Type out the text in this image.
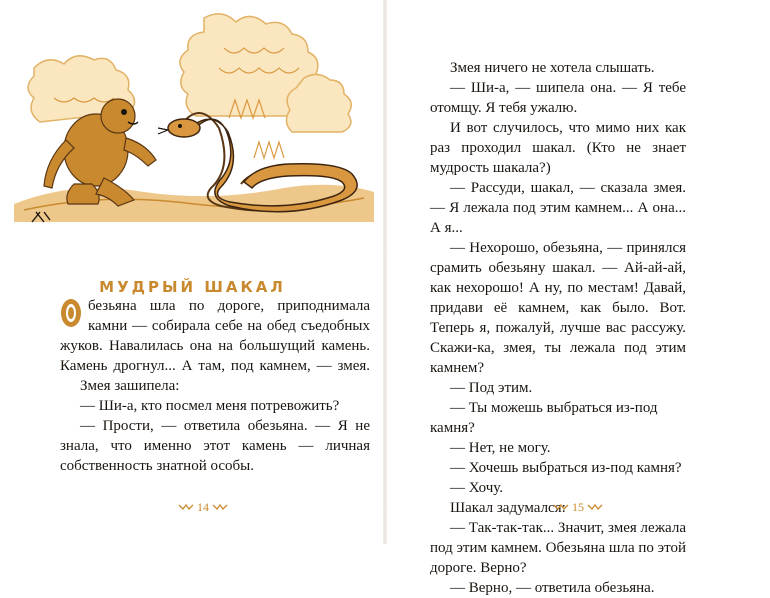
МУДРЫЙ ШАКАЛ

безьяна шла по дороге, приподнимала камни — собирала себе на обед съедобных жуков. Навалилась она на большущий камень. Камень дрогнул... А там, под камнем, — змея.

Змея зашипела:

— Ши-а, кто посмел меня потревожить?

— Прости, — ответила обезьяна. — Я не знала, что именно этот камень — личная собственность знатной особы.

14

Змея ничего не хотела слышать.

— Ши-а, — шипела она. — Я тебе отомщу. Я тебя ужалю.

И вот случилось, что мимо них как раз проходил шакал. (Кто не знает мудрость шакала?)

— Рассуди, шакал, — сказала змея. — Я лежала под этим камнем... А она... А я...

— Нехорошо, обезьяна, — принялся срамить обезьяну шакал. — Ай-ай-ай, как нехорошо! А ну, по местам! Давай, придави её камнем, как было. Вот. Теперь я, пожалуй, лучше вас рассужу. Скажи-ка, змея, ты лежала под этим камнем?

— Под этим.

— Ты можешь выбраться из-под камня?

— Нет, не могу.

— Хочешь выбраться из-под камня?

— Хочу.

Шакал задумался:

— Так-так-так... Значит, змея лежала под этим камнем. Обезьяна шла по этой дороге. Верно?

— Верно, — ответила обезьяна.

15
